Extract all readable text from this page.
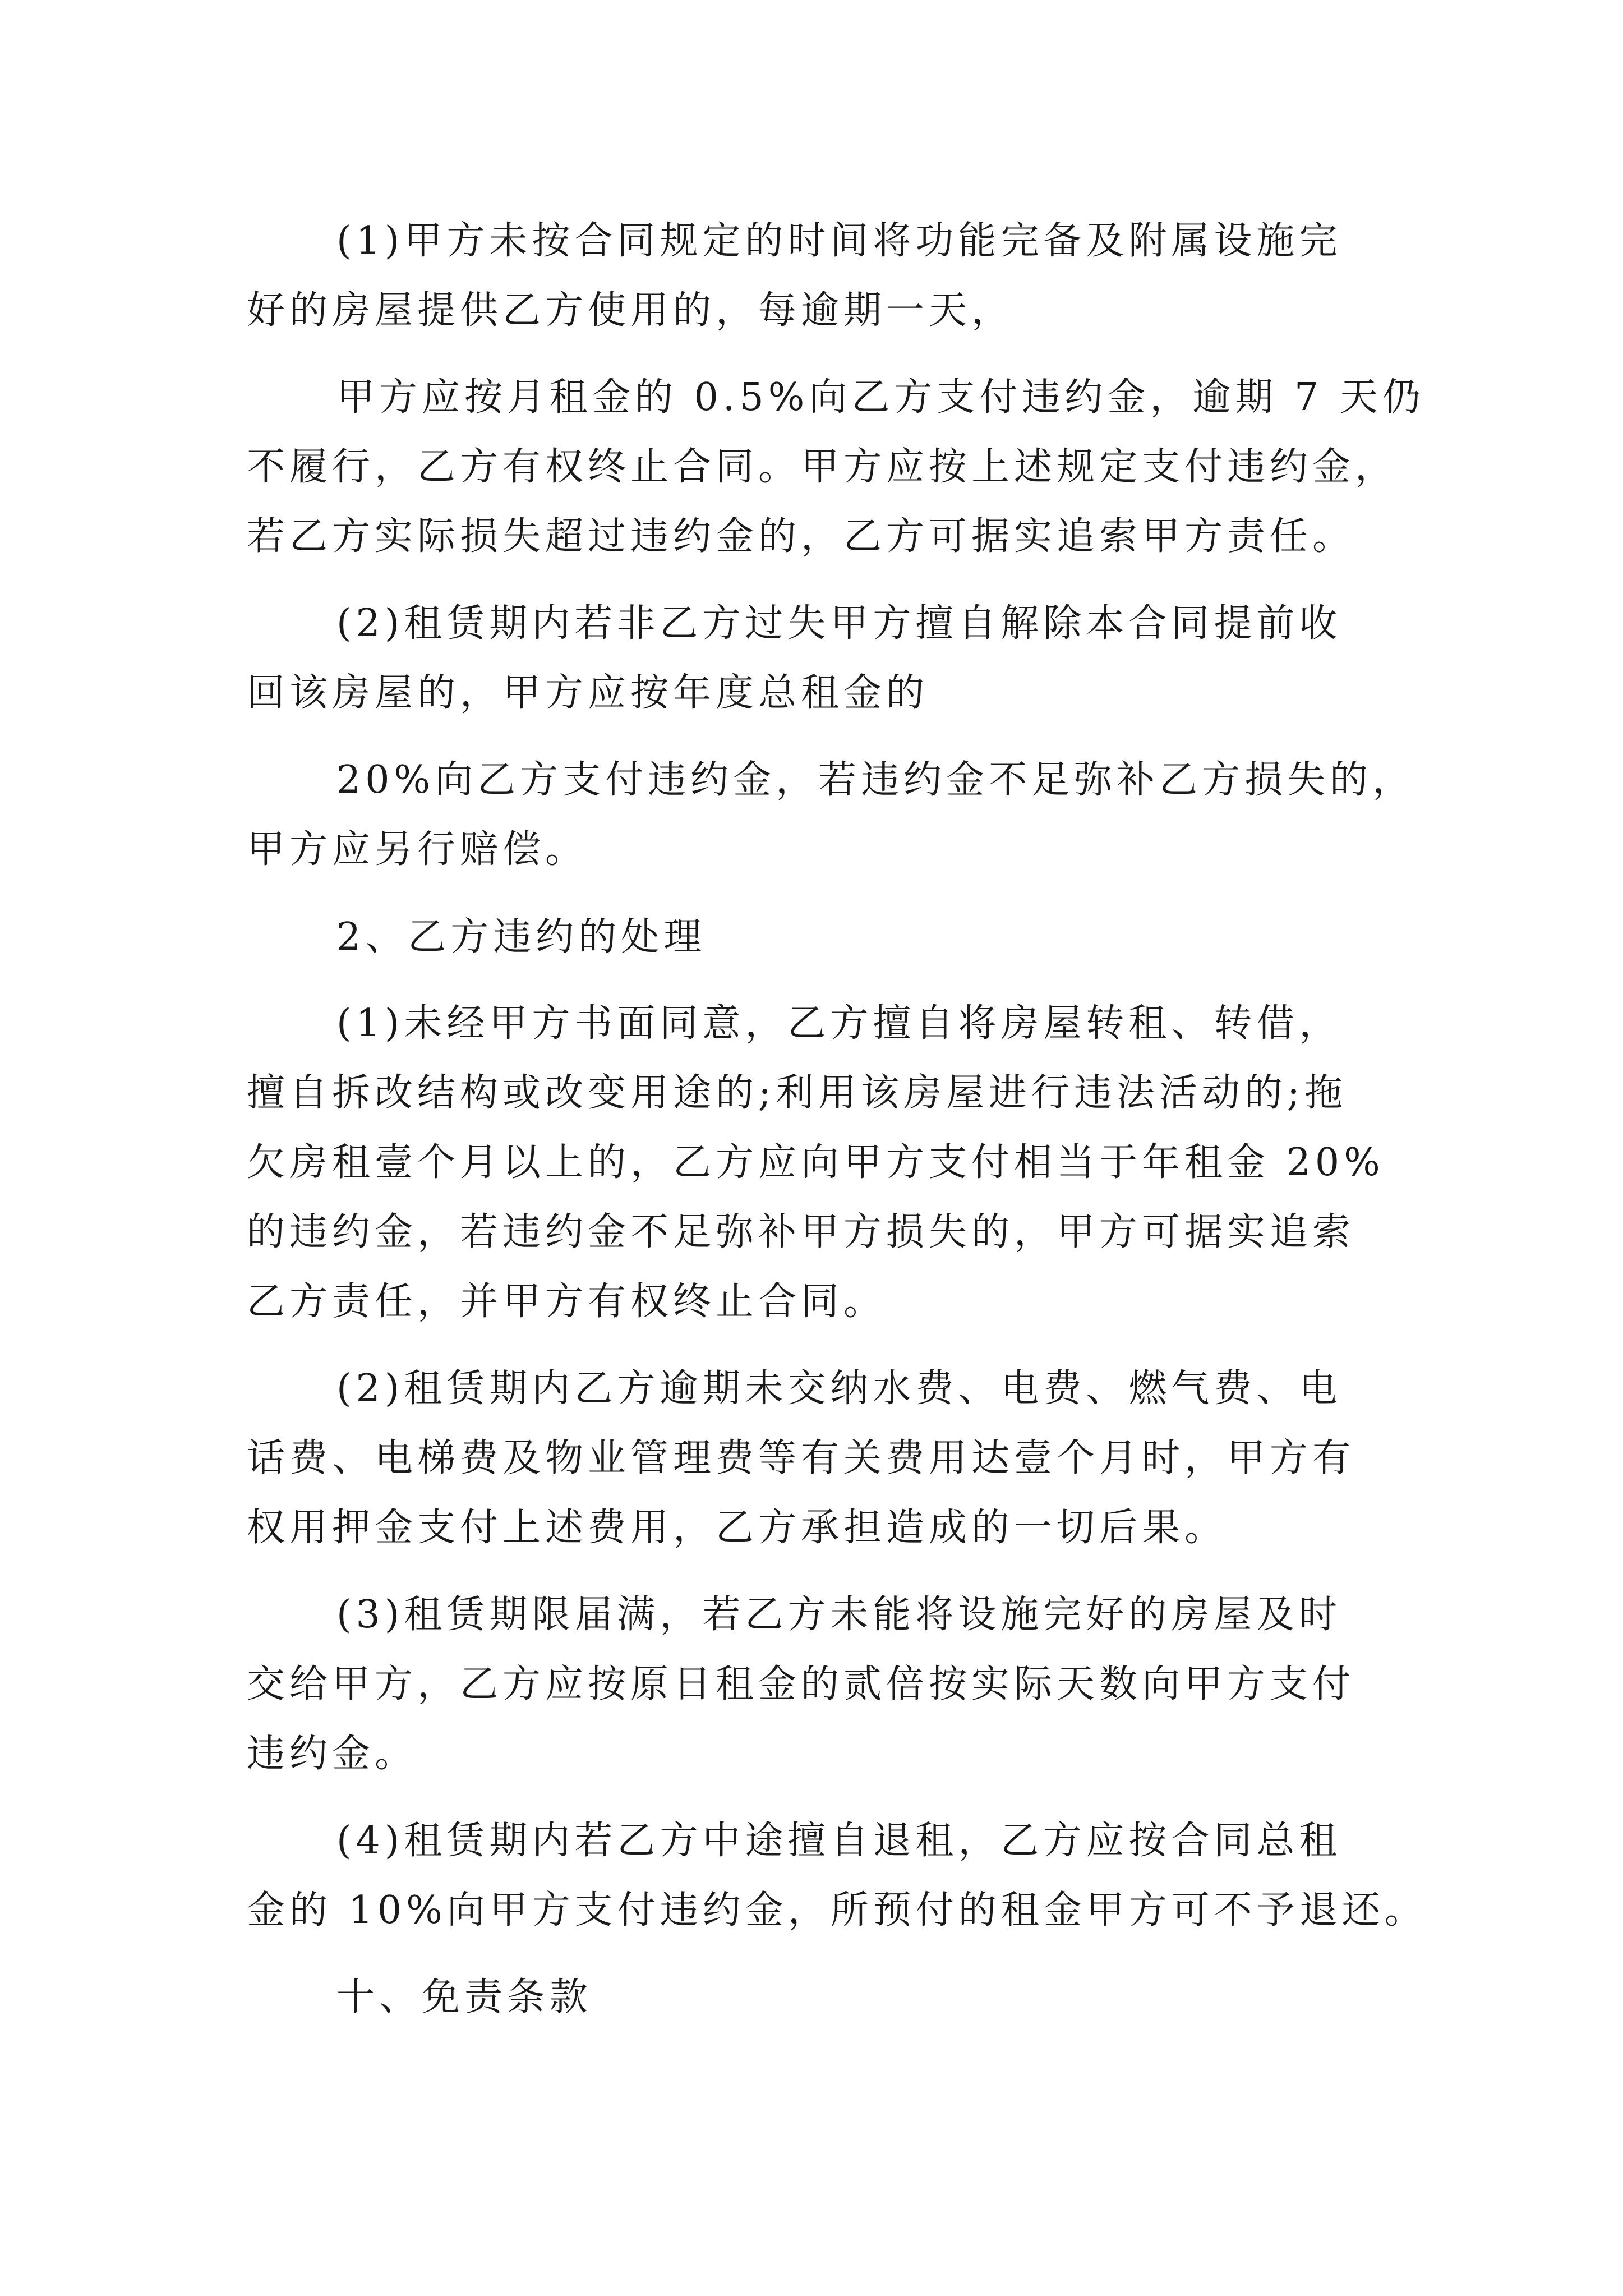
(1)甲方未按合同规定的时间将功能完备及附属设施完

好的房屋提供乙方使用的，每逾期一天，

甲方应按月租金的 0.5%向乙方支付违约金，逾期 7 天仍

不履行，乙方有权终止合同。甲方应按上述规定支付违约金，

若乙方实际损失超过违约金的，乙方可据实追索甲方责任。

(2)租赁期内若非乙方过失甲方擅自解除本合同提前收

回该房屋的，甲方应按年度总租金的

20%向乙方支付违约金，若违约金不足弥补乙方损失的，

甲方应另行赔偿。

2、乙方违约的处理

(1)未经甲方书面同意，乙方擅自将房屋转租、转借，

擅自拆改结构或改变用途的;利用该房屋进行违法活动的;拖

欠房租壹个月以上的，乙方应向甲方支付相当于年租金 20%

的违约金，若违约金不足弥补甲方损失的，甲方可据实追索

乙方责任，并甲方有权终止合同。

(2)租赁期内乙方逾期未交纳水费、电费、燃气费、电

话费、电梯费及物业管理费等有关费用达壹个月时，甲方有

权用押金支付上述费用，乙方承担造成的一切后果。

(3)租赁期限届满，若乙方未能将设施完好的房屋及时

交给甲方，乙方应按原日租金的贰倍按实际天数向甲方支付

违约金。

(4)租赁期内若乙方中途擅自退租，乙方应按合同总租

金的 10%向甲方支付违约金，所预付的租金甲方可不予退还。

十、免责条款
